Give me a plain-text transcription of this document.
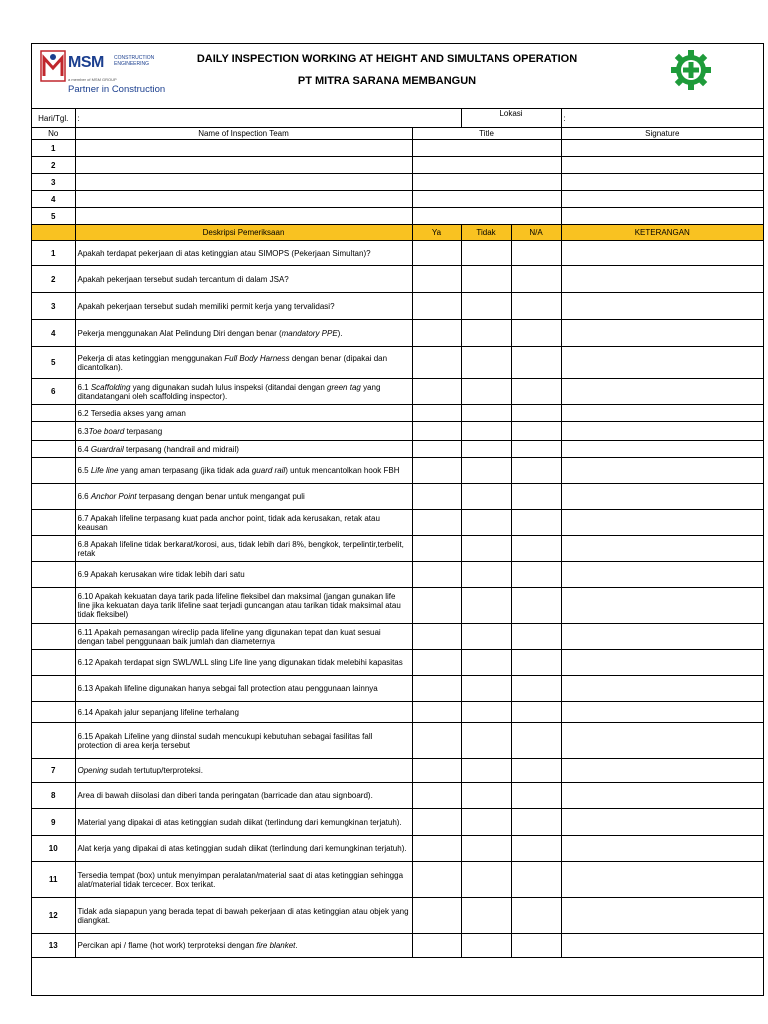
MSM CONSTRUCTION ENGINEERING
a member of MSM GROUP
Partner in Construction
DAILY INSPECTION WORKING AT HEIGHT AND SIMULTANS OPERATION
PT MITRA SARANA MEMBANGUN
Hari/Tgl.	:		Lokasi		:
No	Name of Inspection Team	Title			Signature
1					
2					
3					
4					
5					
	Deskripsi Pemeriksaan	Ya	Tidak	N/A	KETERANGAN
1	Apakah terdapat pekerjaan di atas ketinggian atau SIMOPS (Pekerjaan Simultan)?				
2	Apakah pekerjaan tersebut sudah tercantum di dalam JSA?				
3	Apakah pekerjaan tersebut sudah memiliki permit kerja yang tervalidasi?				
4	Pekerja menggunakan Alat Pelindung Diri dengan benar (mandatory PPE).				
5	Pekerja di atas ketinggian menggunakan Full Body Harness dengan benar (dipakai dan dicantolkan).				
6	6.1 Scaffolding yang digunakan sudah lulus inspeksi (ditandai dengan green tag yang ditandatangani oleh scaffolding inspector).				
	6.2 Tersedia akses yang aman				
	6.3Toe board terpasang				
	6.4 Guardrail terpasang (handrail and midrail)				
	6.5 Life line yang aman terpasang (jika tidak ada guard rail) untuk mencantolkan hook FBH				
	6.6 Anchor Point terpasang dengan benar untuk mengangat puli				
	6.7 Apakah lifeline terpasang kuat pada anchor point, tidak ada kerusakan, retak atau keausan				
	6.8 Apakah lifeline tidak berkarat/korosi, aus, tidak lebih dari 8%, bengkok, terpelintir,terbelit, retak				
	6.9 Apakah kerusakan wire tidak lebih dari satu				
	6.10 Apakah kekuatan daya tarik pada lifeline fleksibel dan maksimal (jangan gunakan life line jika kekuatan daya tarik lifeline saat terjadi guncangan atau tarikan tidak maksimal atau tidak fleksibel)				
	6.11 Apakah pemasangan wireclip pada lifeline yang digunakan tepat dan kuat sesuai dengan tabel penggunaan baik jumlah dan diameternya				
	6.12 Apakah terdapat sign SWL/WLL sling Life line yang digunakan tidak melebihi kapasitas				
	6.13 Apakah lifeline digunakan hanya sebgai fall protection atau penggunaan lainnya				
	6.14 Apakah jalur sepanjang lifeline terhalang				
	6.15 Apakah Lifeline yang diinstal sudah mencukupi kebutuhan sebagai fasilitas fall protection di area kerja tersebut				
7	Opening sudah tertutup/terproteksi.				
8	Area di bawah diisolasi dan diberi tanda peringatan (barricade dan atau signboard).				
9	Material yang dipakai di atas ketinggian sudah diikat (terlindung dari kemungkinan terjatuh).				
10	Alat kerja yang dipakai di atas ketinggian sudah diikat (terlindung dari kemungkinan terjatuh).				
11	Tersedia tempat (box) untuk menyimpan peralatan/material saat di atas ketinggian sehingga alat/material tidak tercecer. Box terikat.				
12	Tidak ada siapapun yang berada tepat di bawah pekerjaan di atas ketinggian atau objek yang diangkat.				
13	Percikan api / flame (hot work) terproteksi dengan fire blanket.				
